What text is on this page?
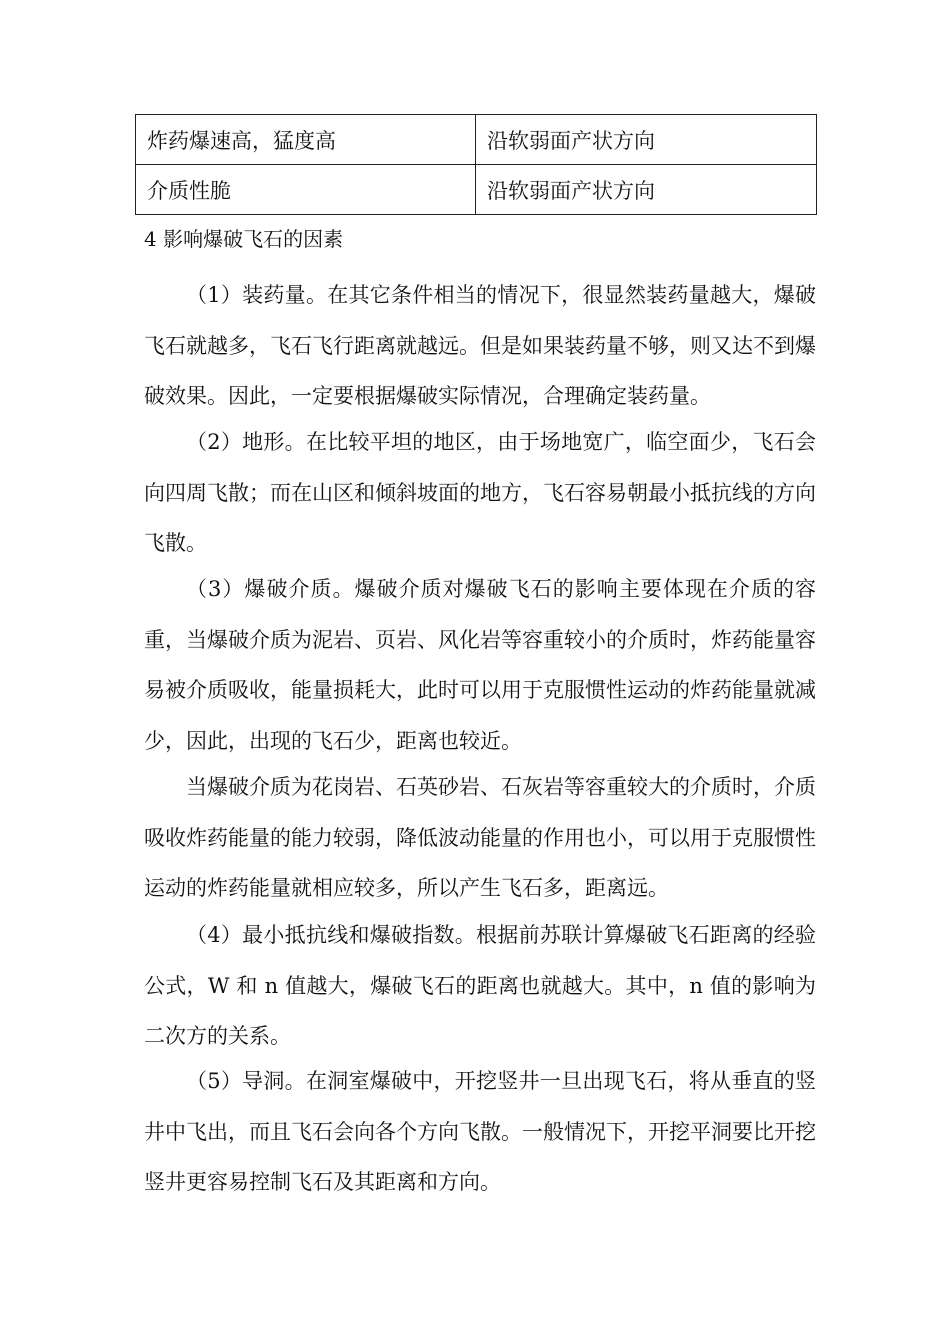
炸药爆速高，猛度高	沿软弱面产状方向
介质性脆	沿软弱面产状方向
4 影响爆破飞石的因素

（1）装药量。在其它条件相当的情况下，很显然装药量越大，爆破飞石就越多，飞石飞行距离就越远。但是如果装药量不够，则又达不到爆破效果。因此，一定要根据爆破实际情况，合理确定装药量。

（2）地形。在比较平坦的地区，由于场地宽广，临空面少，飞石会向四周飞散；而在山区和倾斜坡面的地方，飞石容易朝最小抵抗线的方向飞散。

（3）爆破介质。爆破介质对爆破飞石的影响主要体现在介质的容重，当爆破介质为泥岩、页岩、风化岩等容重较小的介质时，炸药能量容易被介质吸收，能量损耗大，此时可以用于克服惯性运动的炸药能量就减少，因此，出现的飞石少，距离也较近。

当爆破介质为花岗岩、石英砂岩、石灰岩等容重较大的介质时，介质吸收炸药能量的能力较弱，降低波动能量的作用也小，可以用于克服惯性运动的炸药能量就相应较多，所以产生飞石多，距离远。

（4）最小抵抗线和爆破指数。根据前苏联计算爆破飞石距离的经验公式，W 和 n 值越大，爆破飞石的距离也就越大。其中，n 值的影响为二次方的关系。

（5）导洞。在洞室爆破中，开挖竖井一旦出现飞石，将从垂直的竖井中飞出，而且飞石会向各个方向飞散。一般情况下，开挖平洞要比开挖竖井更容易控制飞石及其距离和方向。
